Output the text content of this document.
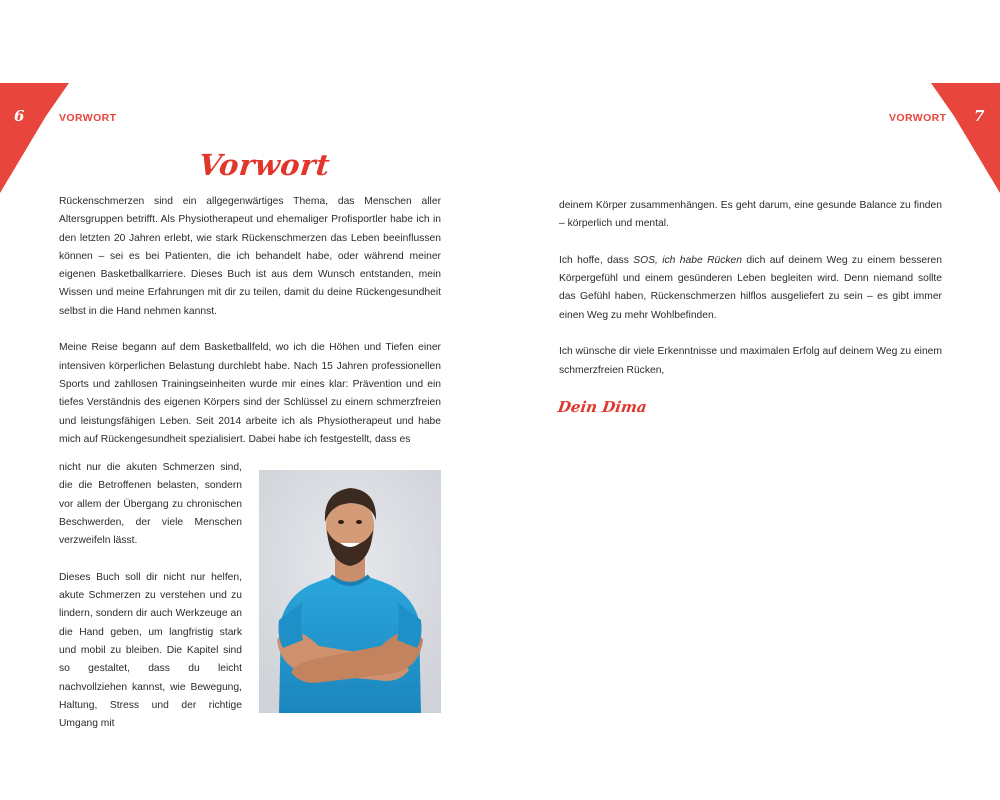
6	VORWORT	7
VORWORT
Vorwort

Rückenschmerzen sind ein allgegenwärtiges Thema, das Menschen aller Altersgruppen betrifft. Als Physiotherapeut und ehemaliger Profisportler habe ich in den letzten 20 Jahren erlebt, wie stark Rückenschmerzen das Leben beeinflussen können – sei es bei Patienten, die ich behandelt habe, oder während meiner eigenen Basketballkarriere. Dieses Buch ist aus dem Wunsch entstanden, mein Wissen und meine Erfahrungen mit dir zu teilen, damit du deine Rückengesundheit selbst in die Hand nehmen kannst.

Meine Reise begann auf dem Basketballfeld, wo ich die Höhen und Tiefen einer intensiven körperlichen Belastung durchlebt habe. Nach 15 Jahren professionellen Sports und zahllosen Trainingseinheiten wurde mir eines klar: Prävention und ein tiefes Verständnis des eigenen Körpers sind der Schlüssel zu einem schmerzfreien und leistungsfähigen Leben. Seit 2014 arbeite ich als Physiotherapeut und habe mich auf Rückengesundheit spezialisiert. Dabei habe ich festgestellt, dass es

nicht nur die akuten Schmerzen sind, die die Betroffenen belasten, sondern vor allem der Übergang zu chronischen Beschwerden, der viele Menschen verzweifeln lässt.

Dieses Buch soll dir nicht nur helfen, akute Schmerzen zu verstehen und zu lindern, sondern dir auch Werkzeuge an die Hand geben, um langfristig stark und mobil zu bleiben. Die Kapitel sind so gestaltet, dass du leicht nachvollziehen kannst, wie Bewegung, Haltung, Stress und der richtige Umgang mit

deinem Körper zusammenhängen. Es geht darum, eine gesunde Balance zu finden – körperlich und mental.

Ich hoffe, dass SOS, ich habe Rücken dich auf deinem Weg zu einem besseren Körpergefühl und einem gesünderen Leben begleiten wird. Denn niemand sollte das Gefühl haben, Rückenschmerzen hilflos ausgeliefert zu sein – es gibt immer einen Weg zu mehr Wohlbefinden.

Ich wünsche dir viele Erkenntnisse und maximalen Erfolg auf deinem Weg zu einem schmerzfreien Rücken,

Dein Dima
